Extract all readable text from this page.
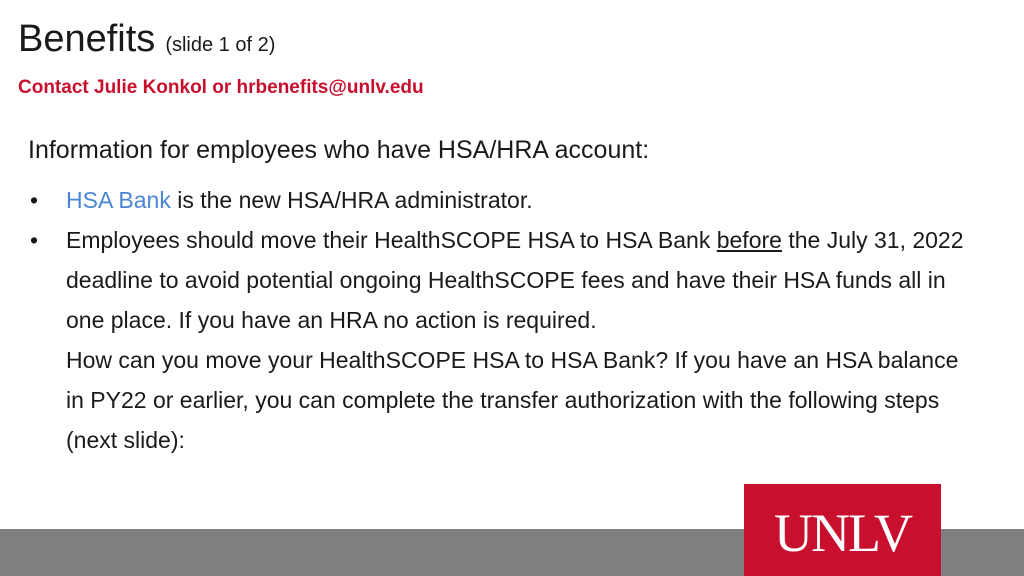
Benefits (slide 1 of 2)
Contact Julie Konkol or hrbenefits@unlv.edu
Information for employees who have HSA/HRA account:
• HSA Bank is the new HSA/HRA administrator.
• Employees should move their HealthSCOPE HSA to HSA Bank before the July 31, 2022 deadline to avoid potential ongoing HealthSCOPE fees and have their HSA funds all in one place. If you have an HRA no action is required.
How can you move your HealthSCOPE HSA to HSA Bank? If you have an HSA balance in PY22 or earlier, you can complete the transfer authorization with the following steps (next slide):
UNLV
